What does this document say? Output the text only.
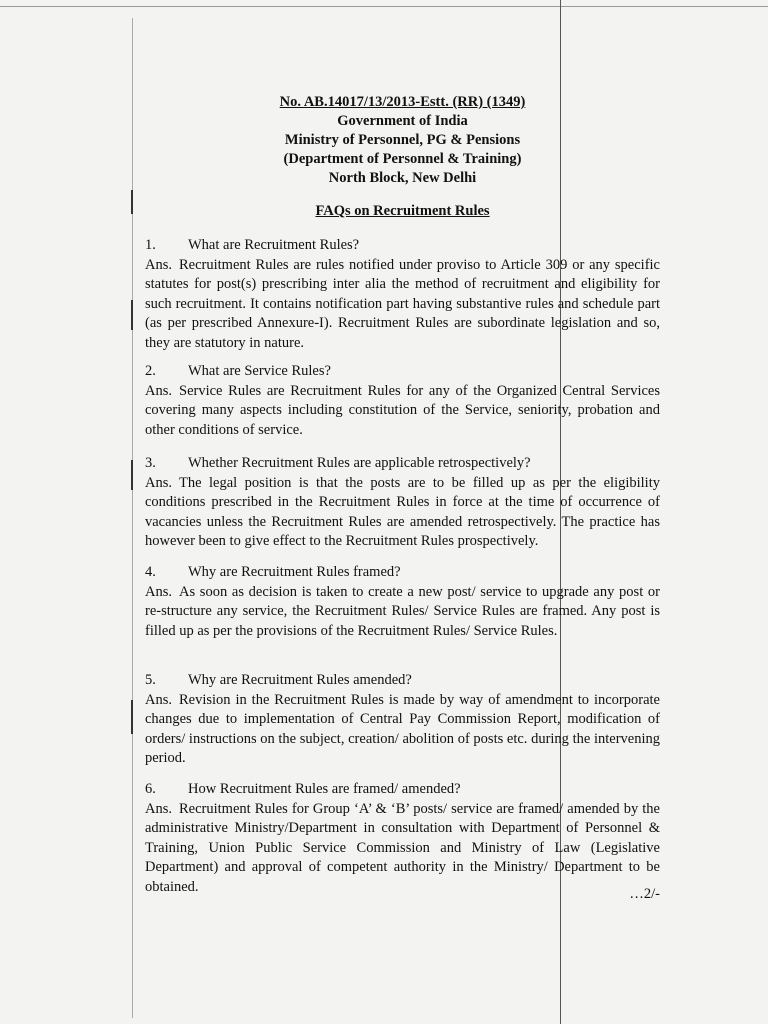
No. AB.14017/13/2013-Estt. (RR) (1349)
Government of India
Ministry of Personnel, PG & Pensions
(Department of Personnel & Training)
North Block, New Delhi
FAQs on Recruitment Rules
1.	What are Recruitment Rules?
Ans. Recruitment Rules are rules notified under proviso to Article 309 or any specific statutes for post(s) prescribing inter alia the method of recruitment and eligibility for such recruitment. It contains notification part having substantive rules and schedule part (as per prescribed Annexure-I). Recruitment Rules are subordinate legislation and so, they are statutory in nature.
2.	What are Service Rules?
Ans. Service Rules are Recruitment Rules for any of the Organized Central Services covering many aspects including constitution of the Service, seniority, probation and other conditions of service.
3.	Whether Recruitment Rules are applicable retrospectively?
Ans. The legal position is that the posts are to be filled up as per the eligibility conditions prescribed in the Recruitment Rules in force at the time of occurrence of vacancies unless the Recruitment Rules are amended retrospectively. The practice has however been to give effect to the Recruitment Rules prospectively.
4.	Why are Recruitment Rules framed?
Ans. As soon as decision is taken to create a new post/ service to upgrade any post or re-structure any service, the Recruitment Rules/ Service Rules are framed. Any post is filled up as per the provisions of the Recruitment Rules/ Service Rules.
5.	Why are Recruitment Rules amended?
Ans. Revision in the Recruitment Rules is made by way of amendment to incorporate changes due to implementation of Central Pay Commission Report, modification of orders/ instructions on the subject, creation/ abolition of posts etc. during the intervening period.
6.	How Recruitment Rules are framed/ amended?
Ans. Recruitment Rules for Group ‘A’ & ‘B’ posts/ service are framed/ amended by the administrative Ministry/Department in consultation with Department of Personnel & Training, Union Public Service Commission and Ministry of Law (Legislative Department) and approval of competent authority in the Ministry/ Department to be obtained.	…2/-
